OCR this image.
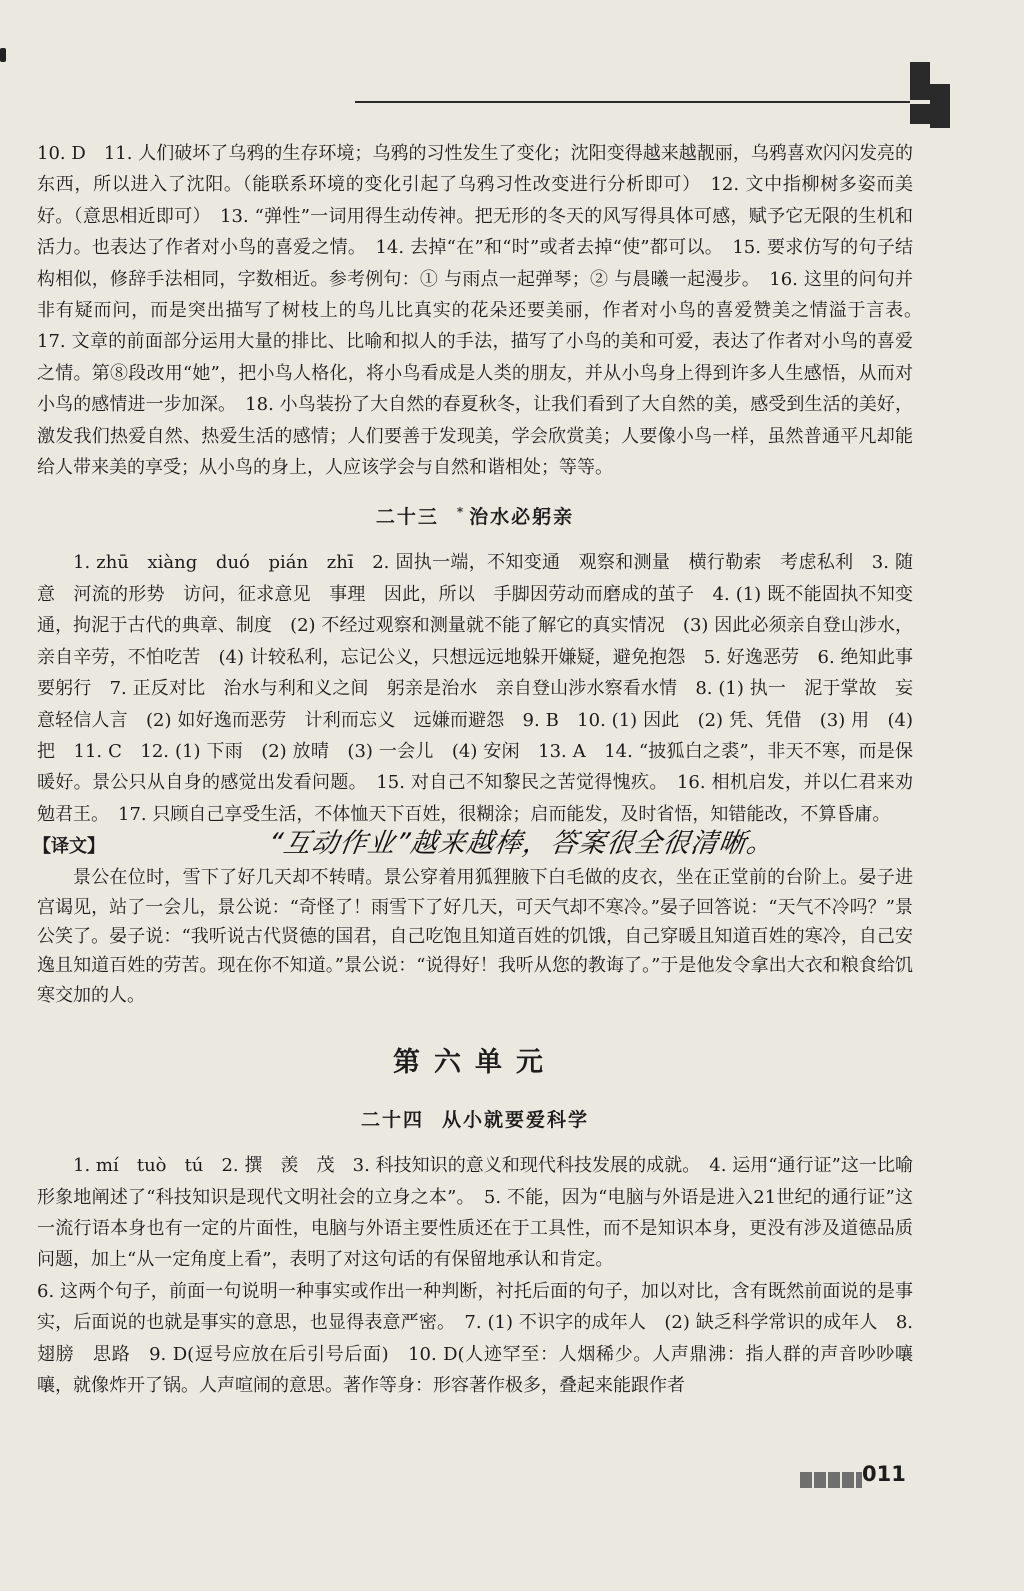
10. D　11. 人们破坏了乌鸦的生存环境；乌鸦的习性发生了变化；沈阳变得越来越靓丽，乌鸦喜欢闪闪发亮的东西，所以进入了沈阳。（能联系环境的变化引起了乌鸦习性改变进行分析即可）　12. 文中指柳树多姿而美好。（意思相近即可）　13. “弹性”一词用得生动传神。把无形的冬天的风写得具体可感，赋予它无限的生机和活力。也表达了作者对小鸟的喜爱之情。　14. 去掉“在”和“时”或者去掉“使”都可以。　15. 要求仿写的句子结构相似，修辞手法相同，字数相近。参考例句：① 与雨点一起弹琴；② 与晨曦一起漫步。　16. 这里的问句并非有疑而问，而是突出描写了树枝上的鸟儿比真实的花朵还要美丽，作者对小鸟的喜爱赞美之情溢于言表。　17. 文章的前面部分运用大量的排比、比喻和拟人的手法，描写了小鸟的美和可爱，表达了作者对小鸟的喜爱之情。第⑧段改用“她”，把小鸟人格化，将小鸟看成是人类的朋友，并从小鸟身上得到许多人生感悟，从而对小鸟的感情进一步加深。　18. 小鸟装扮了大自然的春夏秋冬，让我们看到了大自然的美，感受到生活的美好，激发我们热爱自然、热爱生活的感情；人们要善于发现美，学会欣赏美；人要像小鸟一样，虽然普通平凡却能给人带来美的享受；从小鸟的身上，人应该学会与自然和谐相处；等等。

二十三 * 治水必躬亲

1. zhū　xiàng　duó　pián　zhī　2. 固执一端，不知变通　观察和测量　横行勒索　考虑私利　3. 随意　河流的形势　访问，征求意见　事理　因此，所以　手脚因劳动而磨成的茧子　4. (1) 既不能固执不知变通，拘泥于古代的典章、制度　(2) 不经过观察和测量就不能了解它的真实情况　(3) 因此必须亲自登山涉水，亲自辛劳，不怕吃苦　(4) 计较私利，忘记公义，只想远远地躲开嫌疑，避免抱怨　5. 好逸恶劳　6. 绝知此事要躬行　7. 正反对比　治水与利和义之间　躬亲是治水　亲自登山涉水察看水情　8. (1) 执一　泥于掌故　妄意轻信人言　(2) 如好逸而恶劳　计利而忘义　远嫌而避怨　9. B　10. (1) 因此　(2) 凭、凭借　(3) 用　(4) 把　11. C　12. (1) 下雨　(2) 放晴　(3) 一会儿　(4) 安闲　13. A　14. “披狐白之裘”，非天不寒，而是保暖好。景公只从自身的感觉出发看问题。　15. 对自己不知黎民之苦觉得愧疚。　16. 相机启发，并以仁君来劝勉君王。　17. 只顾自己享受生活，不体恤天下百姓，很糊涂；启而能发，及时省悟，知错能改，不算昏庸。

【译文】	“互动作业”越来越棒，答案很全很清晰。

景公在位时，雪下了好几天却不转晴。景公穿着用狐狸腋下白毛做的皮衣，坐在正堂前的台阶上。晏子进宫谒见，站了一会儿，景公说：“奇怪了！雨雪下了好几天，可天气却不寒冷。”晏子回答说：“天气不冷吗？”景公笑了。晏子说：“我听说古代贤德的国君，自己吃饱且知道百姓的饥饿，自己穿暖且知道百姓的寒冷，自己安逸且知道百姓的劳苦。现在你不知道。”景公说：“说得好！我听从您的教诲了。”于是他发令拿出大衣和粮食给饥寒交加的人。

第六单元
二十四 从小就要爱科学

1. mí　tuò　tú　2. 撰　羡　茂　3. 科技知识的意义和现代科技发展的成就。　4. 运用“通行证”这一比喻形象地阐述了“科技知识是现代文明社会的立身之本”。　5. 不能，因为“电脑与外语是进入21世纪的通行证”这一流行语本身也有一定的片面性，电脑与外语主要性质还在于工具性，而不是知识本身，更没有涉及道德品质问题，加上“从一定角度上看”，表明了对这句话的有保留地承认和肯定。

6. 这两个句子，前面一句说明一种事实或作出一种判断，衬托后面的句子，加以对比，含有既然前面说的是事实，后面说的也就是事实的意思，也显得表意严密。　7. (1) 不识字的成年人　(2) 缺乏科学常识的成年人　8. 翅膀　思路　9. D(逗号应放在后引号后面)　10. D(人迹罕至：人烟稀少。人声鼎沸：指人群的声音吵吵嚷嚷，就像炸开了锅。人声喧闹的意思。著作等身：形容著作极多，叠起来能跟作者

011
